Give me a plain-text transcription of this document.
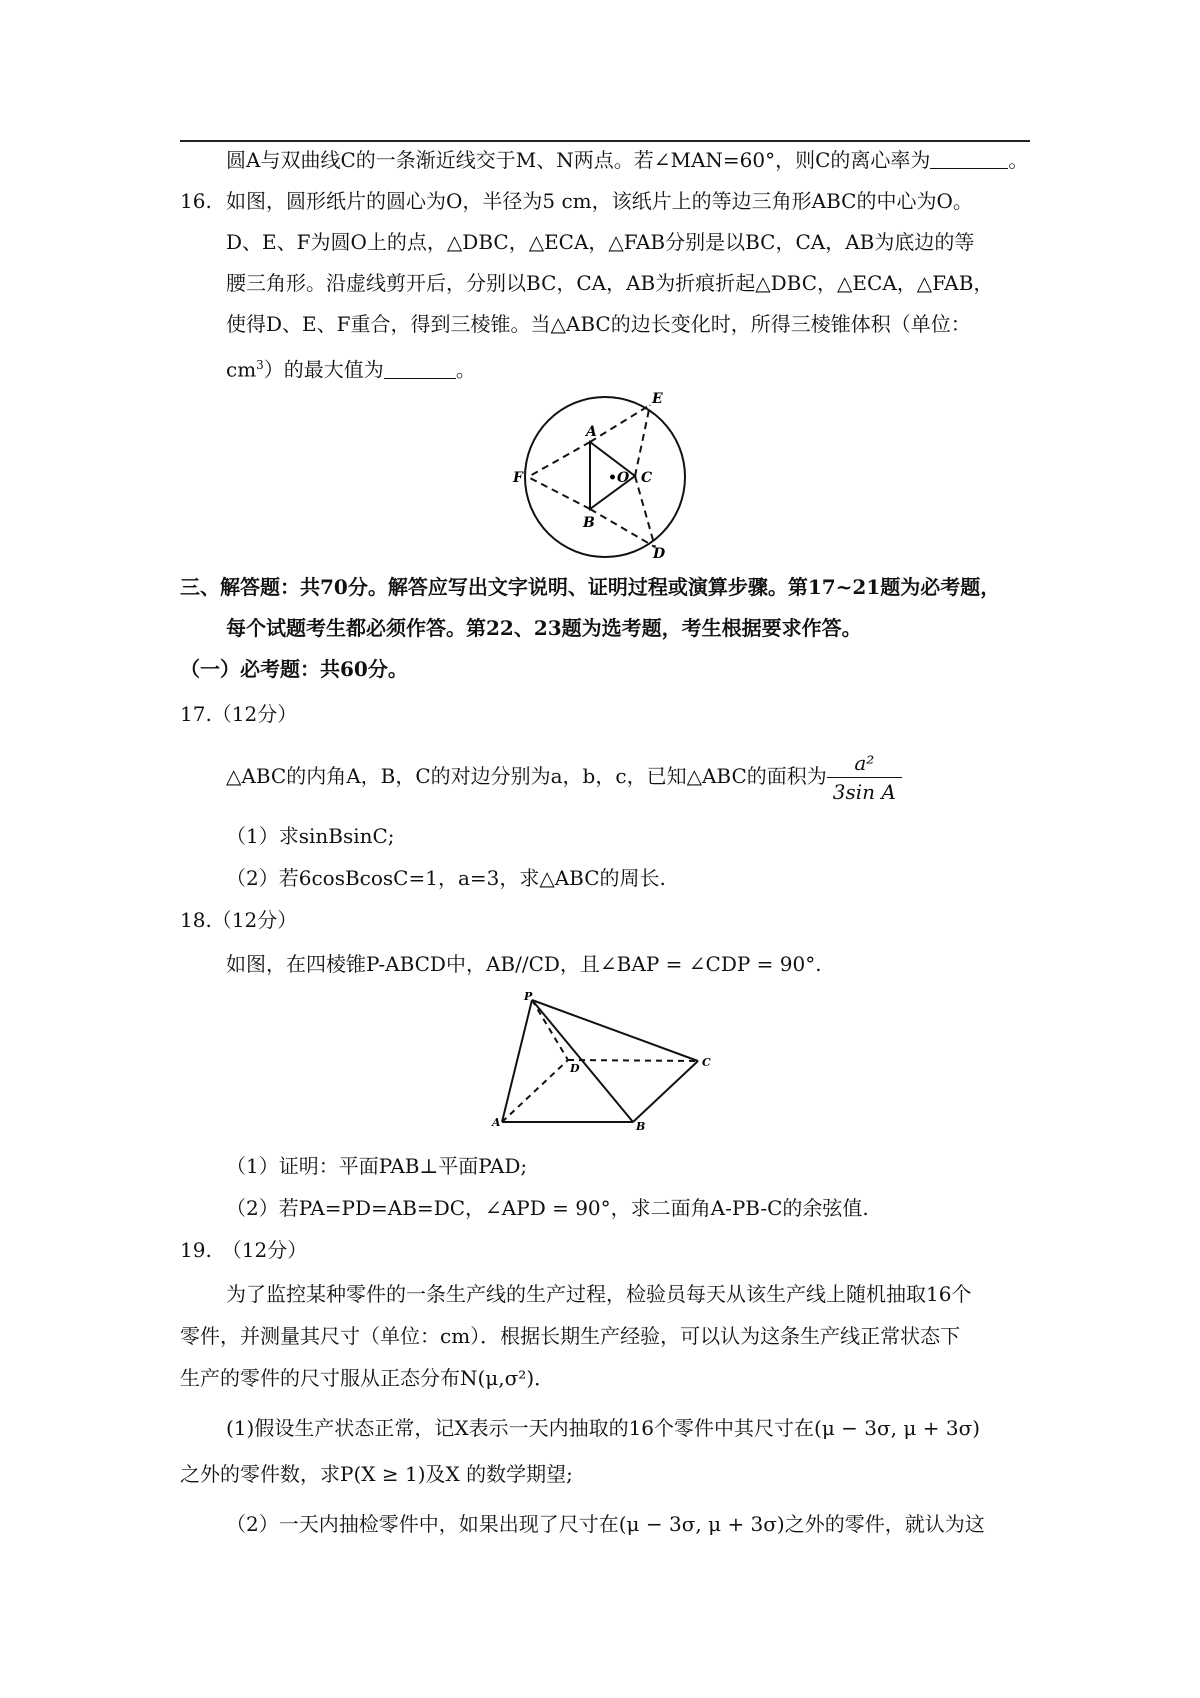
圆A与双曲线C的一条渐近线交于M、N两点。若∠MAN=60°，则C的离心率为	。
16. 如图，圆形纸片的圆心为O，半径为5 cm，该纸片上的等边三角形ABC的中心为O。
D、E、F为圆O上的点，△DBC，△ECA，△FAB分别是以BC，CA，AB为底边的等
腰三角形。沿虚线剪开后，分别以BC，CA，AB为折痕折起△DBC，△ECA，△FAB，
使得D、E、F重合，得到三棱锥。当△ABC的边长变化时，所得三棱锥体积（单位：
$cm^3$）的最大值为	。
A
B
C
D
E
F	•O
三、解答题：共70分。解答应写出文字说明、证明过程或演算步骤。第17~21题为必考题，
每个试题考生都必须作答。第22、23题为选考题，考生根据要求作答。
（一）必考题：共60分。
17.（12分）
△ABC的内角A，B，C的对边分别为a，b，c，已知△ABC的面积为 $\frac{\text{a²}}{\text{3sin A}}$
（1）求sinBsinC;
（2）若6cosBcosC=1，a=3，求△ABC的周长.
18.（12分）
如图，在四棱锥P-ABCD中，AB//CD，且∠BAP = ∠CDP = 90°.
P
A	B
C
D
（1）证明：平面PAB⊥平面PAD;
（2）若PA=PD=AB=DC，∠APD = 90°，求二面角A-PB-C的余弦值.
19.　（12分）
为了监控某种零件的一条生产线的生产过程，检验员每天从该生产线上随机抽取16个
零件，并测量其尺寸（单位：cm）．根据长期生产经验，可以认为这条生产线正常状态下
生产的零件的尺寸服从正态分布N(μ,σ²)．
(1)假设生产状态正常，记X表示一天内抽取的16个零件中其尺寸在(μ − 3σ, μ + 3σ)
之外的零件数，求P(X ≥ 1)及X 的数学期望;
（2）一天内抽检零件中，如果出现了尺寸在(μ − 3σ, μ + 3σ)之外的零件，就认为这
